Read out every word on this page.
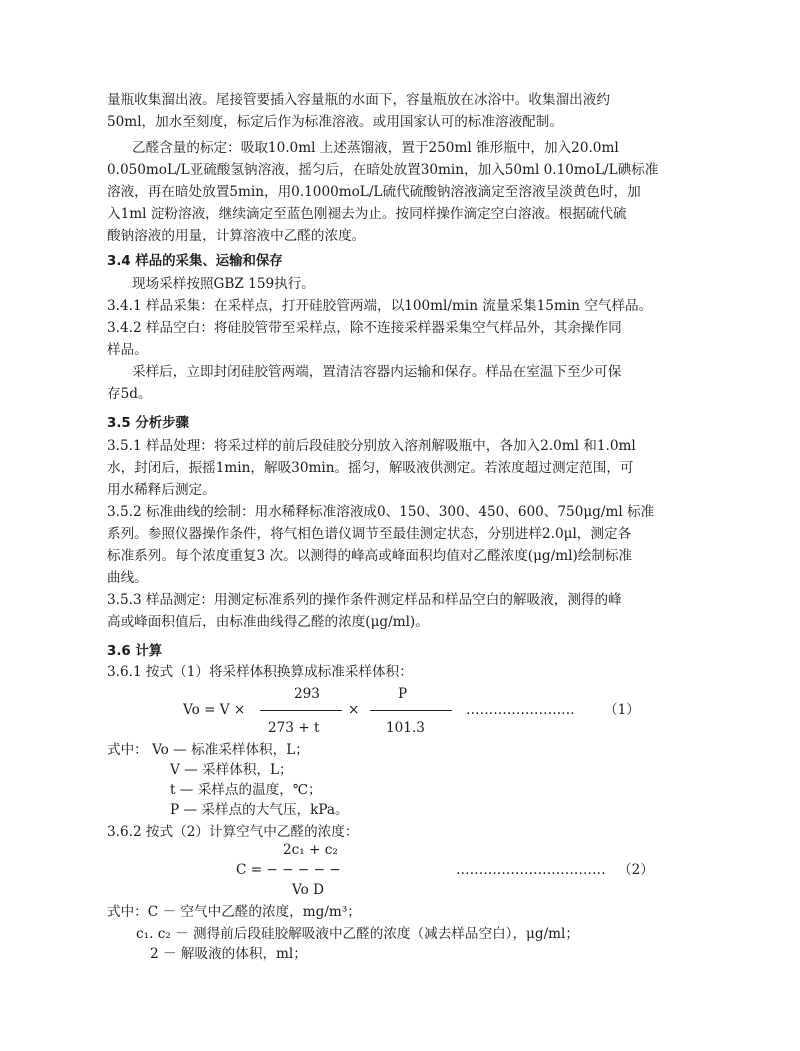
量瓶收集溜出液。尾接管要插入容量瓶的水面下，容量瓶放在冰浴中。收集溜出液约
50ml，加水至刻度，标定后作为标准溶液。或用国家认可的标准溶液配制。
乙醛含量的标定：吸取10.0ml 上述蒸馏液，置于250ml 锥形瓶中，加入20.0ml
0.050moL/L亚硫酸氢钠溶液，摇匀后，在暗处放置30min，加入50ml 0.10moL/L碘标准
溶液，再在暗处放置5min，用0.1000moL/L硫代硫酸钠溶液滴定至溶液呈淡黄色时，加
入1ml 淀粉溶液，继续滴定至蓝色刚褪去为止。按同样操作滴定空白溶液。根据硫代硫
酸钠溶液的用量，计算溶液中乙醛的浓度。
3.4 样品的采集、运输和保存
现场采样按照GBZ 159执行。
3.4.1 样品采集：在采样点，打开硅胶管两端，以100ml/min 流量采集15min 空气样品。
3.4.2 样品空白：将硅胶管带至采样点，除不连接采样器采集空气样品外，其余操作同
样品。
采样后，立即封闭硅胶管两端，置清洁容器内运输和保存。样品在室温下至少可保
存5d。
3.5 分析步骤
3.5.1 样品处理：将采过样的前后段硅胶分别放入溶剂解吸瓶中，各加入2.0ml 和1.0ml
水，封闭后，振摇1min，解吸30min。摇匀，解吸液供测定。若浓度超过测定范围，可
用水稀释后测定。
3.5.2 标准曲线的绘制：用水稀释标准溶液成0、150、300、450、600、750μg/ml 标准
系列。参照仪器操作条件，将气相色谱仪调节至最佳测定状态，分别进样2.0μl，测定各
标准系列。每个浓度重复3 次。以测得的峰高或峰面积均值对乙醛浓度(μg/ml)绘制标准
曲线。
3.5.3 样品测定：用测定标准系列的操作条件测定样品和样品空白的解吸液，测得的峰
高或峰面积值后，由标准曲线得乙醛的浓度(μg/ml)。
3.6 计算
3.6.1 按式（1）将采样体积换算成标准采样体积：
293	P
Vo = V ×	×	…………………… （1）
273 + t	101.3
式中： Vo — 标准采样体积，L；
V — 采样体积，L；
t — 采样点的温度，℃；
P — 采样点的大气压，kPa。
3.6.2 按式（2）计算空气中乙醛的浓度：
2c₁ + c₂
C = − − − − −	…………………………… （2）
Vo D
式中：C － 空气中乙醛的浓度，mg/m³；
c₁. c₂ － 测得前后段硅胶解吸液中乙醛的浓度（减去样品空白），μg/ml；
2 － 解吸液的体积，ml；
